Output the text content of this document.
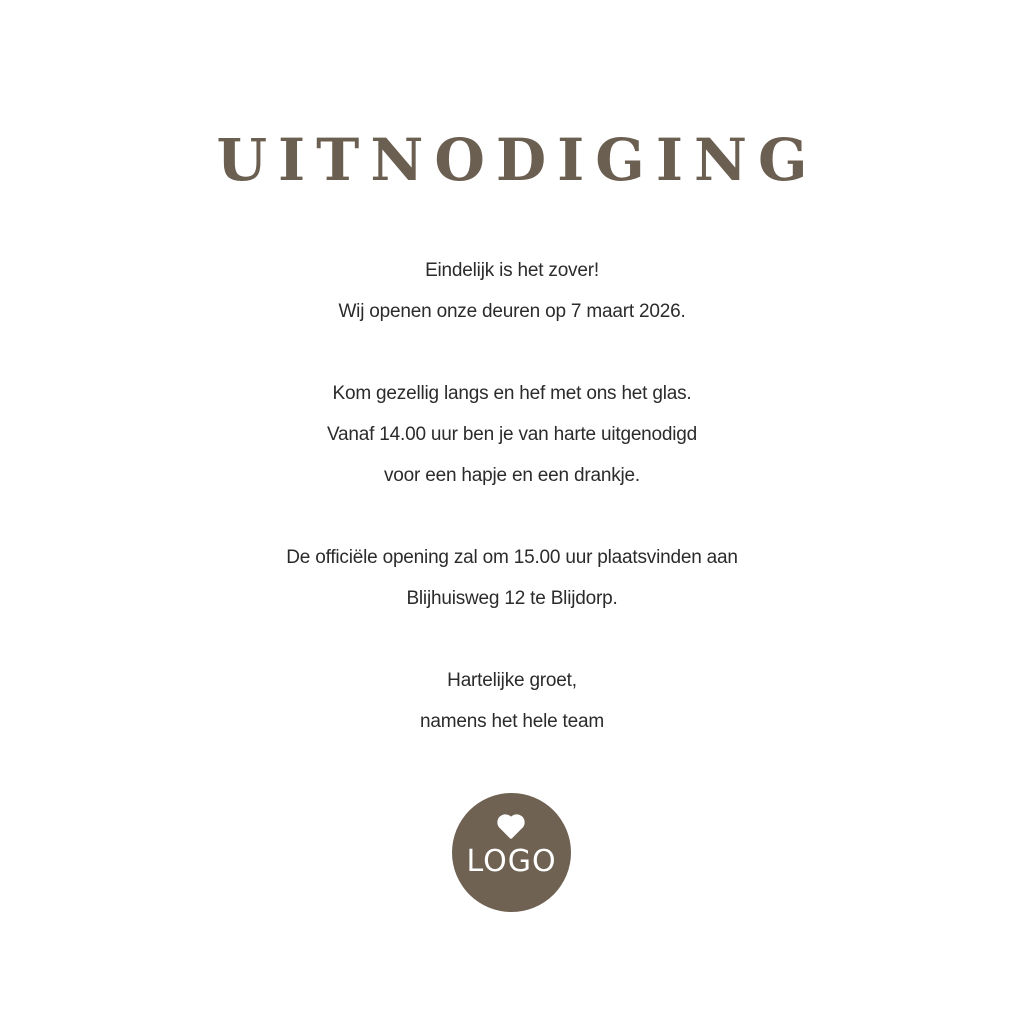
UITNODIGING
Eindelijk is het zover!
Wij openen onze deuren op 7 maart 2026.
Kom gezellig langs en hef met ons het glas.
Vanaf 14.00 uur ben je van harte uitgenodigd
voor een hapje en een drankje.
De officiële opening zal om 15.00 uur plaatsvinden aan
Blijhuisweg 12 te Blijdorp.
Hartelijke groet,
namens het hele team
LOGO
